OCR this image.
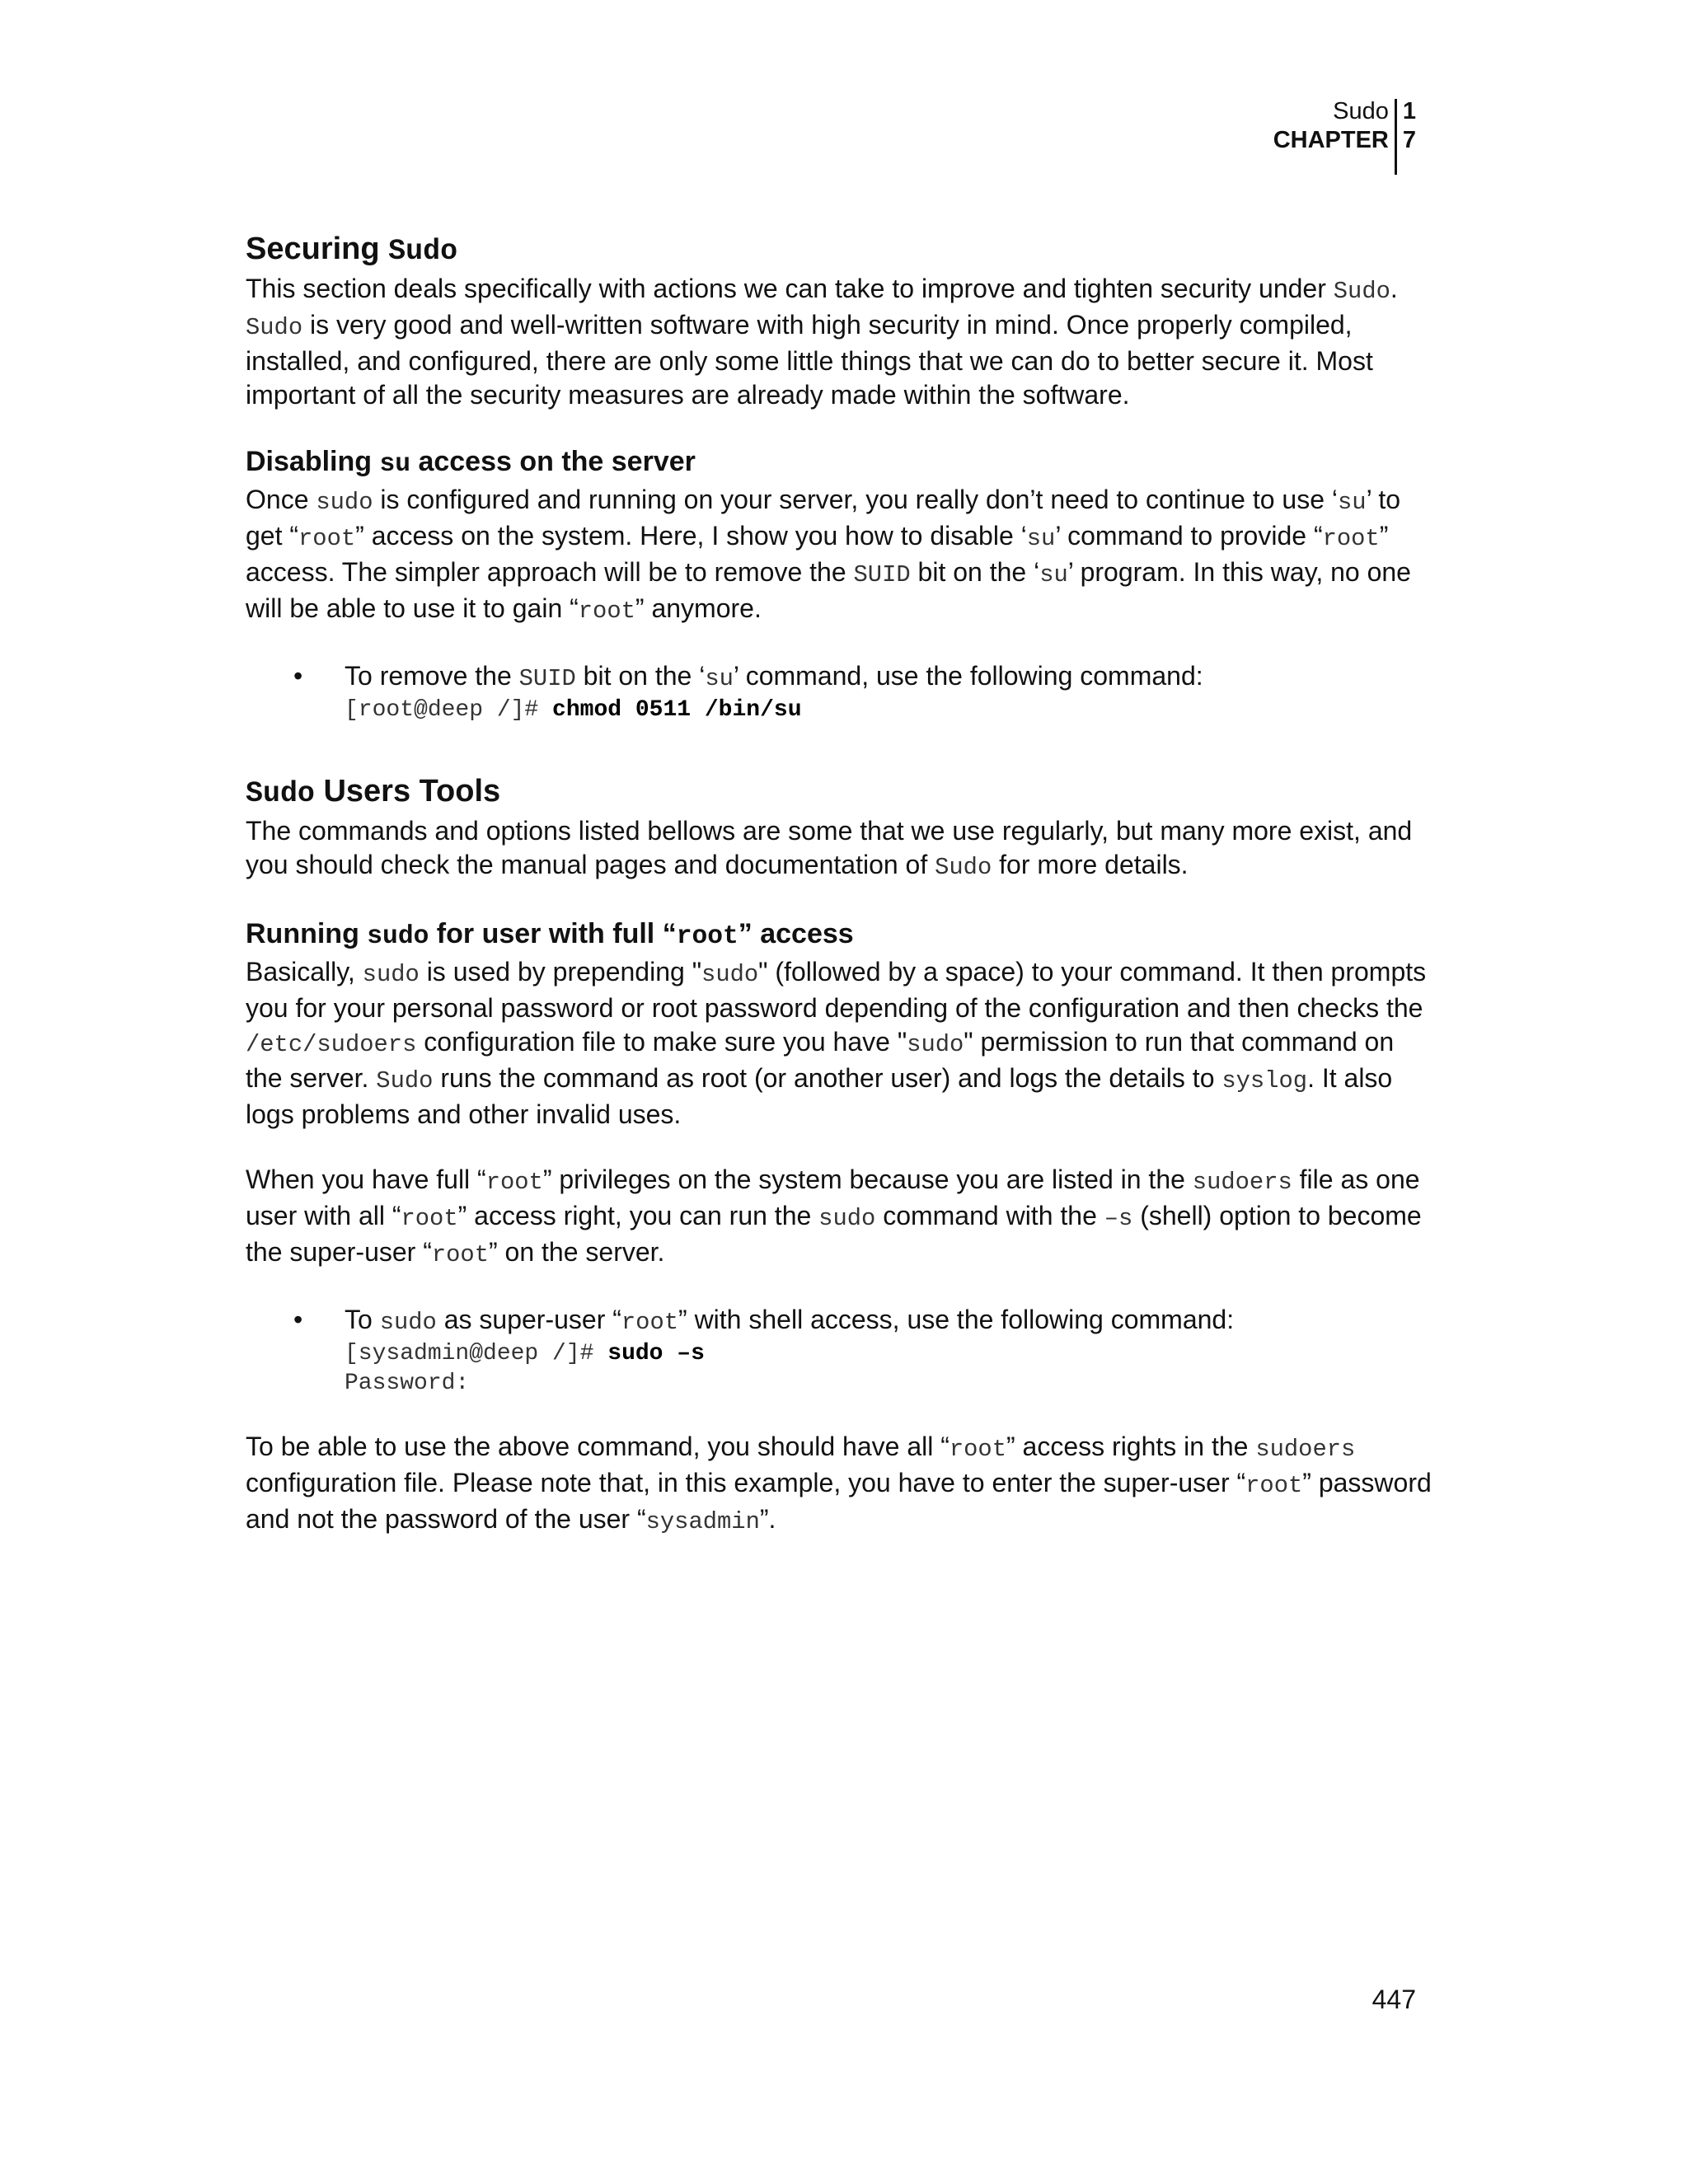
Sudo
CHAPTER
1
7
Securing Sudo

This section deals specifically with actions we can take to improve and tighten security under Sudo. Sudo is very good and well-written software with high security in mind. Once properly compiled, installed, and configured, there are only some little things that we can do to better secure it. Most important of all the security measures are already made within the software.

Disabling su access on the server

Once sudo is configured and running on your server, you really don’t need to continue to use ‘su’ to get “root” access on the system. Here, I show you how to disable ‘su’ command to provide “root” access. The simpler approach will be to remove the SUID bit on the ‘su’ program. In this way, no one will be able to use it to gain “root” anymore.

• To remove the SUID bit on the ‘su’ command, use the following command:
[root@deep /]# chmod 0511 /bin/su
Sudo Users Tools

The commands and options listed bellows are some that we use regularly, but many more exist, and you should check the manual pages and documentation of Sudo for more details.

Running sudo for user with full “root” access

Basically, sudo is used by prepending "sudo" (followed by a space) to your command. It then prompts you for your personal password or root password depending of the configuration and then checks the /etc/sudoers configuration file to make sure you have "sudo" permission to run that command on the server. Sudo runs the command as root (or another user) and logs the details to syslog. It also logs problems and other invalid uses.

When you have full “root” privileges on the system because you are listed in the sudoers file as one user with all “root” access right, you can run the sudo command with the –s (shell) option to become the super-user “root” on the server.

• To sudo as super-user “root” with shell access, use the following command:
[sysadmin@deep /]# sudo –s
Password:

To be able to use the above command, you should have all “root” access rights in the sudoers configuration file. Please note that, in this example, you have to enter the super-user “root” password and not the password of the user “sysadmin”.

447
